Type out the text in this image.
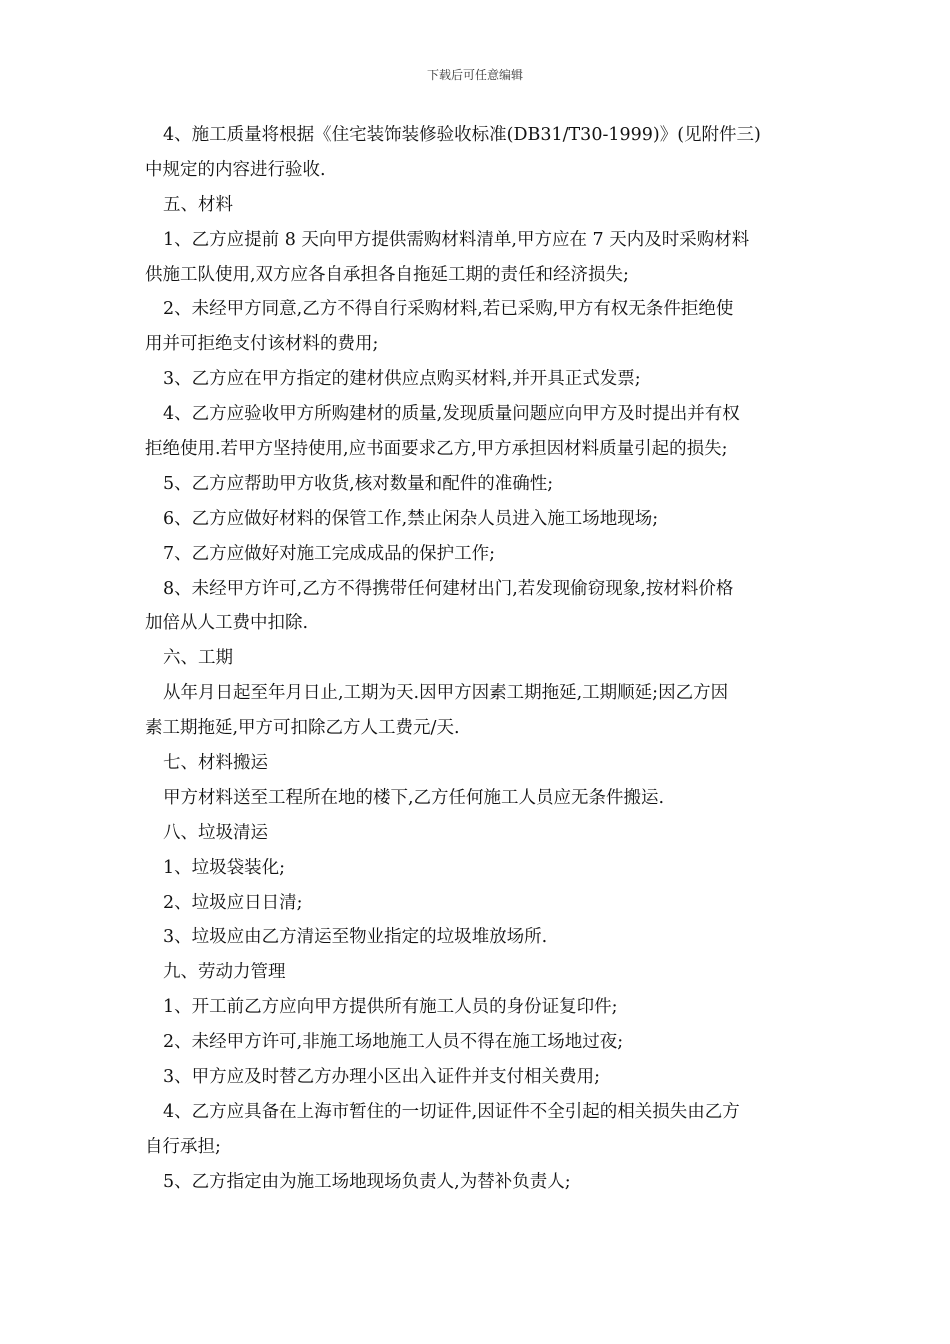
下载后可任意编辑
4、施工质量将根据《住宅装饰装修验收标准(DB31/T30-1999)》(见附件三)
中规定的内容进行验收.
五、材料
1、乙方应提前 8 天向甲方提供需购材料清单,甲方应在 7 天内及时采购材料
供施工队使用,双方应各自承担各自拖延工期的责任和经济损失;
2、未经甲方同意,乙方不得自行采购材料,若已采购,甲方有权无条件拒绝使
用并可拒绝支付该材料的费用;
3、乙方应在甲方指定的建材供应点购买材料,并开具正式发票;
4、乙方应验收甲方所购建材的质量,发现质量问题应向甲方及时提出并有权
拒绝使用.若甲方坚持使用,应书面要求乙方,甲方承担因材料质量引起的损失;
5、乙方应帮助甲方收货,核对数量和配件的准确性;
6、乙方应做好材料的保管工作,禁止闲杂人员进入施工场地现场;
7、乙方应做好对施工完成成品的保护工作;
8、未经甲方许可,乙方不得携带任何建材出门,若发现偷窃现象,按材料价格
加倍从人工费中扣除.
六、工期
从年月日起至年月日止,工期为天.因甲方因素工期拖延,工期顺延;因乙方因
素工期拖延,甲方可扣除乙方人工费元/天.
七、材料搬运
甲方材料送至工程所在地的楼下,乙方任何施工人员应无条件搬运.
八、垃圾清运
1、垃圾袋装化;
2、垃圾应日日清;
3、垃圾应由乙方清运至物业指定的垃圾堆放场所.
九、劳动力管理
1、开工前乙方应向甲方提供所有施工人员的身份证复印件;
2、未经甲方许可,非施工场地施工人员不得在施工场地过夜;
3、甲方应及时替乙方办理小区出入证件并支付相关费用;
4、乙方应具备在上海市暂住的一切证件,因证件不全引起的相关损失由乙方
自行承担;
5、乙方指定由为施工场地现场负责人,为替补负责人;
